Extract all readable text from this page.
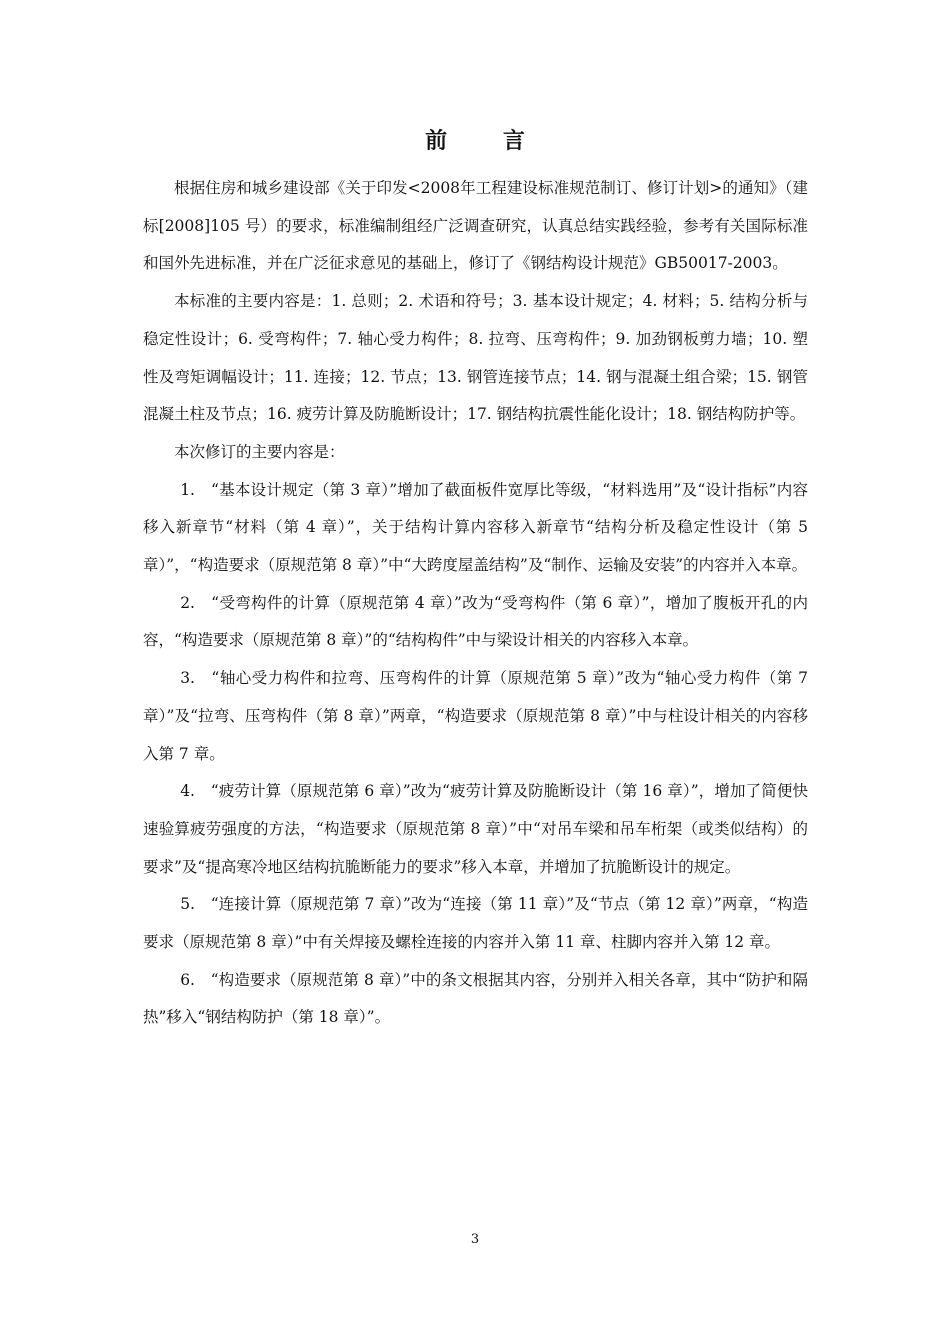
前 言

根据住房和城乡建设部《关于印发<2008年工程建设标准规范制订、修订计划>的通知》（建标[2008]105 号）的要求，标准编制组经广泛调查研究，认真总结实践经验，参考有关国际标准和国外先进标准，并在广泛征求意见的基础上，修订了《钢结构设计规范》GB50017-2003。

本标准的主要内容是：1. 总则；2. 术语和符号；3. 基本设计规定；4. 材料；5. 结构分析与稳定性设计；6. 受弯构件；7. 轴心受力构件；8. 拉弯、压弯构件；9. 加劲钢板剪力墙；10. 塑性及弯矩调幅设计；11. 连接；12. 节点；13. 钢管连接节点；14. 钢与混凝土组合梁；15. 钢管混凝土柱及节点；16. 疲劳计算及防脆断设计；17. 钢结构抗震性能化设计；18. 钢结构防护等。

本次修订的主要内容是：

1.　“基本设计规定（第 3 章）”增加了截面板件宽厚比等级，“材料选用”及“设计指标”内容移入新章节“材料（第 4 章）”，关于结构计算内容移入新章节“结构分析及稳定性设计（第 5 章）”，“构造要求（原规范第 8 章）”中“大跨度屋盖结构”及“制作、运输及安装”的内容并入本章。

2.　“受弯构件的计算（原规范第 4 章）”改为“受弯构件（第 6 章）”，增加了腹板开孔的内容，“构造要求（原规范第 8 章）”的“结构构件”中与梁设计相关的内容移入本章。

3.　“轴心受力构件和拉弯、压弯构件的计算（原规范第 5 章）”改为“轴心受力构件（第 7 章）”及“拉弯、压弯构件（第 8 章）”两章，“构造要求（原规范第 8 章）”中与柱设计相关的内容移入第 7 章。

4.　“疲劳计算（原规范第 6 章）”改为“疲劳计算及防脆断设计（第 16 章）”，增加了简便快速验算疲劳强度的方法，“构造要求（原规范第 8 章）”中“对吊车梁和吊车桁架（或类似结构）的要求”及“提高寒冷地区结构抗脆断能力的要求”移入本章，并增加了抗脆断设计的规定。

5.　“连接计算（原规范第 7 章）”改为“连接（第 11 章）”及“节点（第 12 章）”两章，“构造要求（原规范第 8 章）”中有关焊接及螺栓连接的内容并入第 11 章、柱脚内容并入第 12 章。

6.　“构造要求（原规范第 8 章）”中的条文根据其内容，分别并入相关各章，其中“防护和隔热”移入“钢结构防护（第 18 章）”。

3
